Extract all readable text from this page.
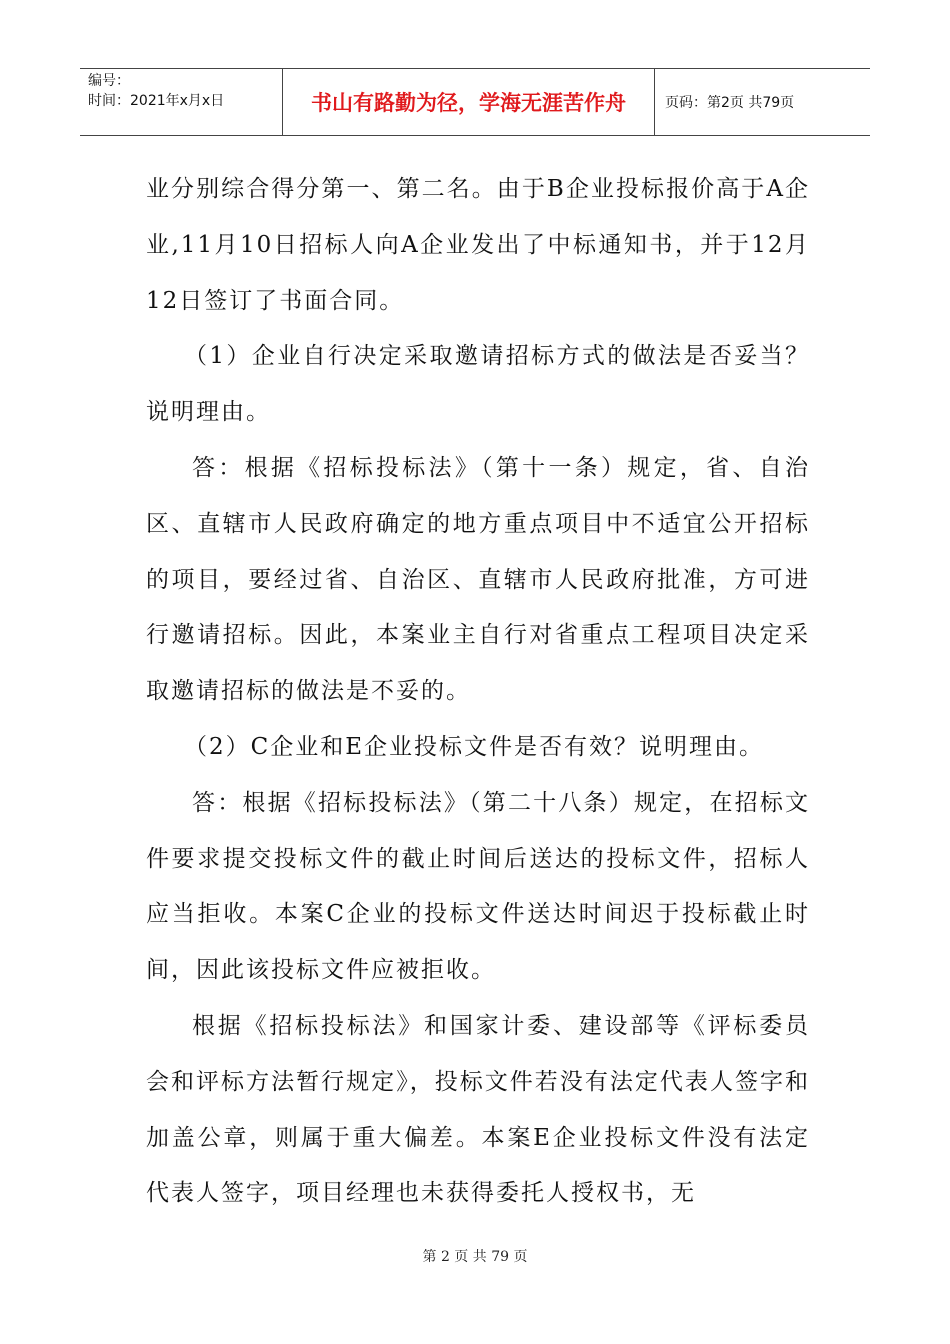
编号：
时间：2021年x月x日	书山有路勤为径，学海无涯苦作舟	页码：第2页 共79页

业分别综合得分第一、第二名。由于B企业投标报价高于A企业,11月10日招标人向A企业发出了中标通知书，并于12月12日签订了书面合同。

（1）企业自行决定采取邀请招标方式的做法是否妥当？说明理由。

答：根据《招标投标法》（第十一条）规定，省、自治区、直辖市人民政府确定的地方重点项目中不适宜公开招标的项目，要经过省、自治区、直辖市人民政府批准，方可进行邀请招标。因此，本案业主自行对省重点工程项目决定采取邀请招标的做法是不妥的。

（2）C企业和E企业投标文件是否有效？说明理由。

答：根据《招标投标法》（第二十八条）规定，在招标文件要求提交投标文件的截止时间后送达的投标文件，招标人应当拒收。本案C企业的投标文件送达时间迟于投标截止时间，因此该投标文件应被拒收。

根据《招标投标法》和国家计委、建设部等《评标委员会和评标方法暂行规定》，投标文件若没有法定代表人签字和加盖公章，则属于重大偏差。本案E企业投标文件没有法定代表人签字，项目经理也未获得委托人授权书，无

第 2 页 共 79 页
